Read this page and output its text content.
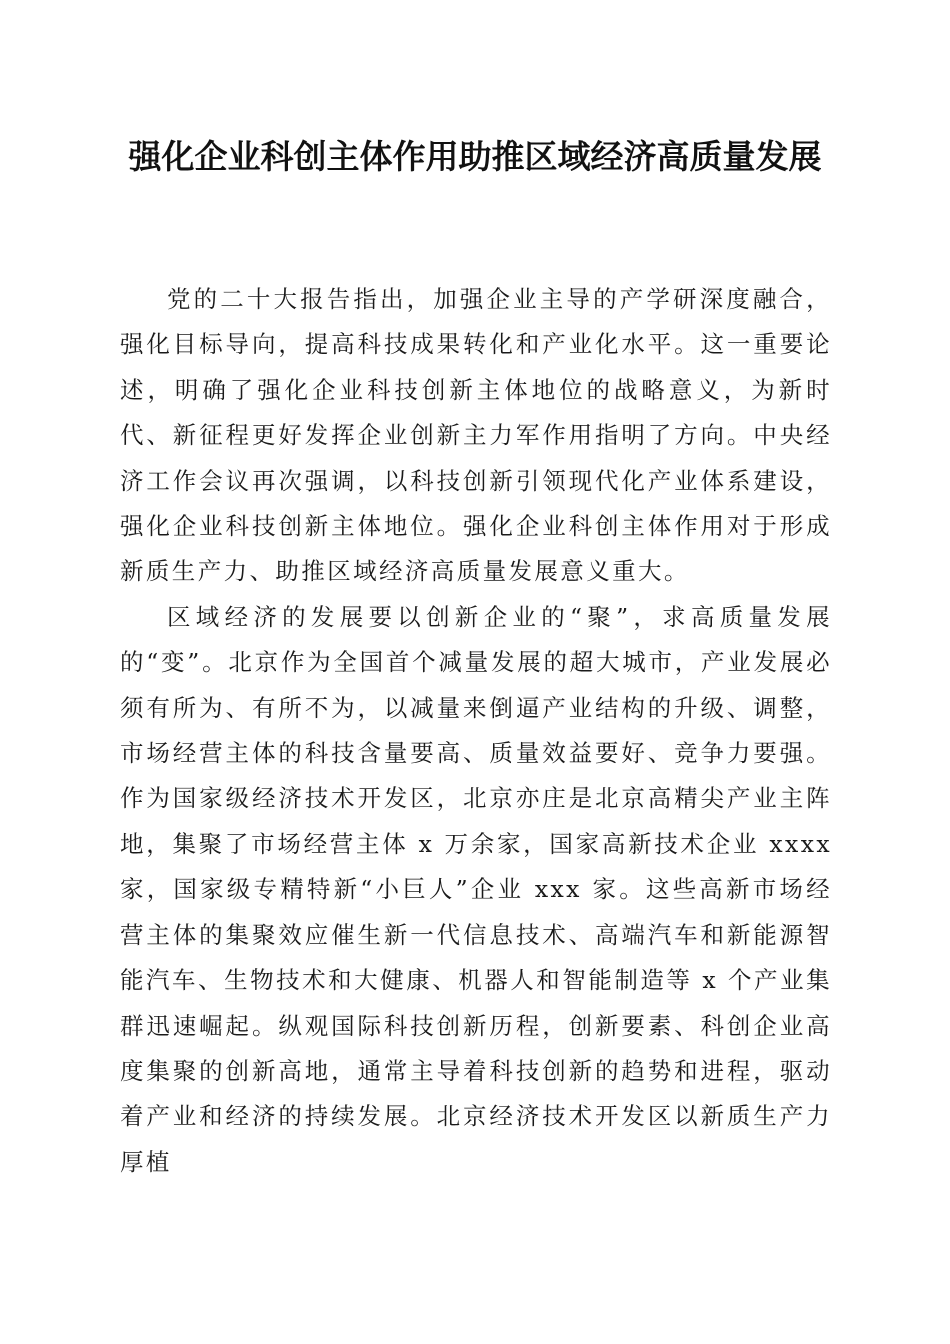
强化企业科创主体作用助推区域经济高质量发展

党的二十大报告指出，加强企业主导的产学研深度融合，强化目标导向，提高科技成果转化和产业化水平。这一重要论述，明确了强化企业科技创新主体地位的战略意义，为新时代、新征程更好发挥企业创新主力军作用指明了方向。中央经济工作会议再次强调，以科技创新引领现代化产业体系建设，强化企业科技创新主体地位。强化企业科创主体作用对于形成新质生产力、助推区域经济高质量发展意义重大。

区域经济的发展要以创新企业的“聚”，求高质量发展的“变”。北京作为全国首个减量发展的超大城市，产业发展必须有所为、有所不为，以减量来倒逼产业结构的升级、调整，市场经营主体的科技含量要高、质量效益要好、竞争力要强。作为国家级经济技术开发区，北京亦庄是北京高精尖产业主阵地，集聚了市场经营主体 x 万余家，国家高新技术企业 xxxx 家，国家级专精特新“小巨人”企业 xxx 家。这些高新市场经营主体的集聚效应催生新一代信息技术、高端汽车和新能源智能汽车、生物技术和大健康、机器人和智能制造等 x 个产业集群迅速崛起。纵观国际科技创新历程，创新要素、科创企业高度集聚的创新高地，通常主导着科技创新的趋势和进程，驱动着产业和经济的持续发展。北京经济技术开发区以新质生产力厚植
